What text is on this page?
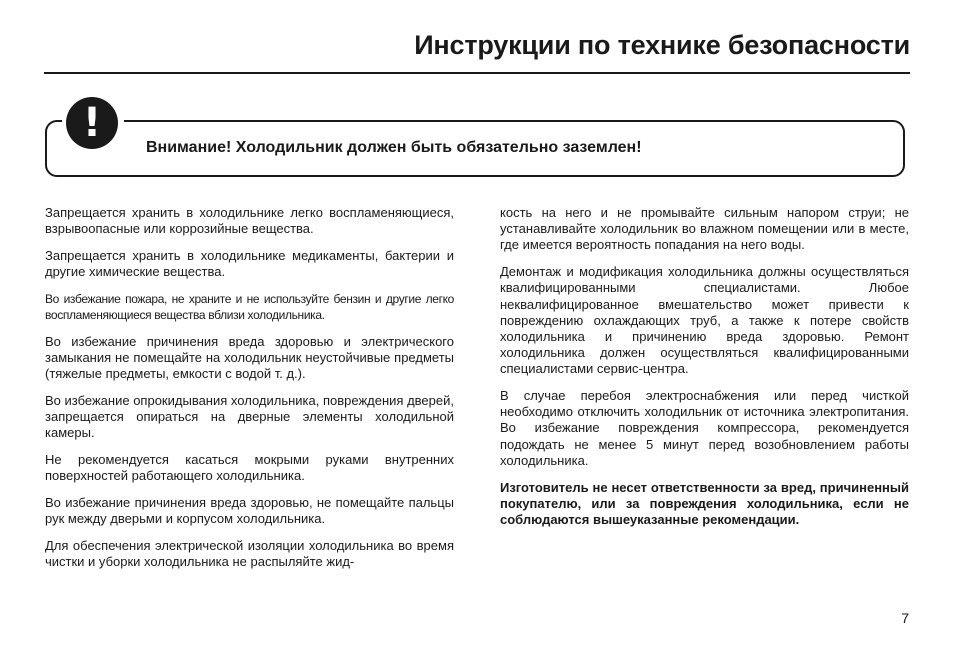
Инструкции по технике безопасности
!
Внимание! Холодильник должен быть обязательно заземлен!

Запрещается хранить в холодильнике легко воспламеняющиеся, взрывоопасные или коррозийные вещества.

Запрещается хранить в холодильнике медикаменты, бактерии и другие химические вещества.

Во избежание пожара, не храните и не используйте бензин и другие легко воспламеняющиеся вещества вблизи холодильника.

Во избежание причинения вреда здоровью и электрического замыкания не помещайте на холодильник неустойчивые предметы (тяжелые предметы, емкости с водой т. д.).

Во избежание опрокидывания холодильника, повреждения дверей, запрещается опираться на дверные элементы холодильной камеры.

Не рекомендуется касаться мокрыми руками внутренних поверхностей работающего холодильника.

Во избежание причинения вреда здоровью, не помещайте пальцы рук между дверьми и корпусом холодильника.

Для обеспечения электрической изоляции холодильника во время чистки и уборки холодильника не распыляйте жид-

кость на него и не промывайте сильным напором струи; не устанавливайте холодильник во влажном помещении или в месте, где имеется вероятность попадания на него воды.

Демонтаж и модификация холодильника должны осуществляться квалифицированными специалистами. Любое неквалифицированное вмешательство может привести к повреждению охлаждающих труб, а также к потере свойств холодильника и причинению вреда здоровью. Ремонт холодильника должен осуществляться квалифицированными специалистами сервис-центра.

В случае перебоя электроснабжения или перед чисткой необходимо отключить холодильник от источника электропитания. Во избежание повреждения компрессора, рекомендуется подождать не менее 5 минут перед возобновлением работы холодильника.

Изготовитель не несет ответственности за вред, причиненный покупателю, или за повреждения холодильника, если не соблюдаются вышеуказанные рекомендации.

7
